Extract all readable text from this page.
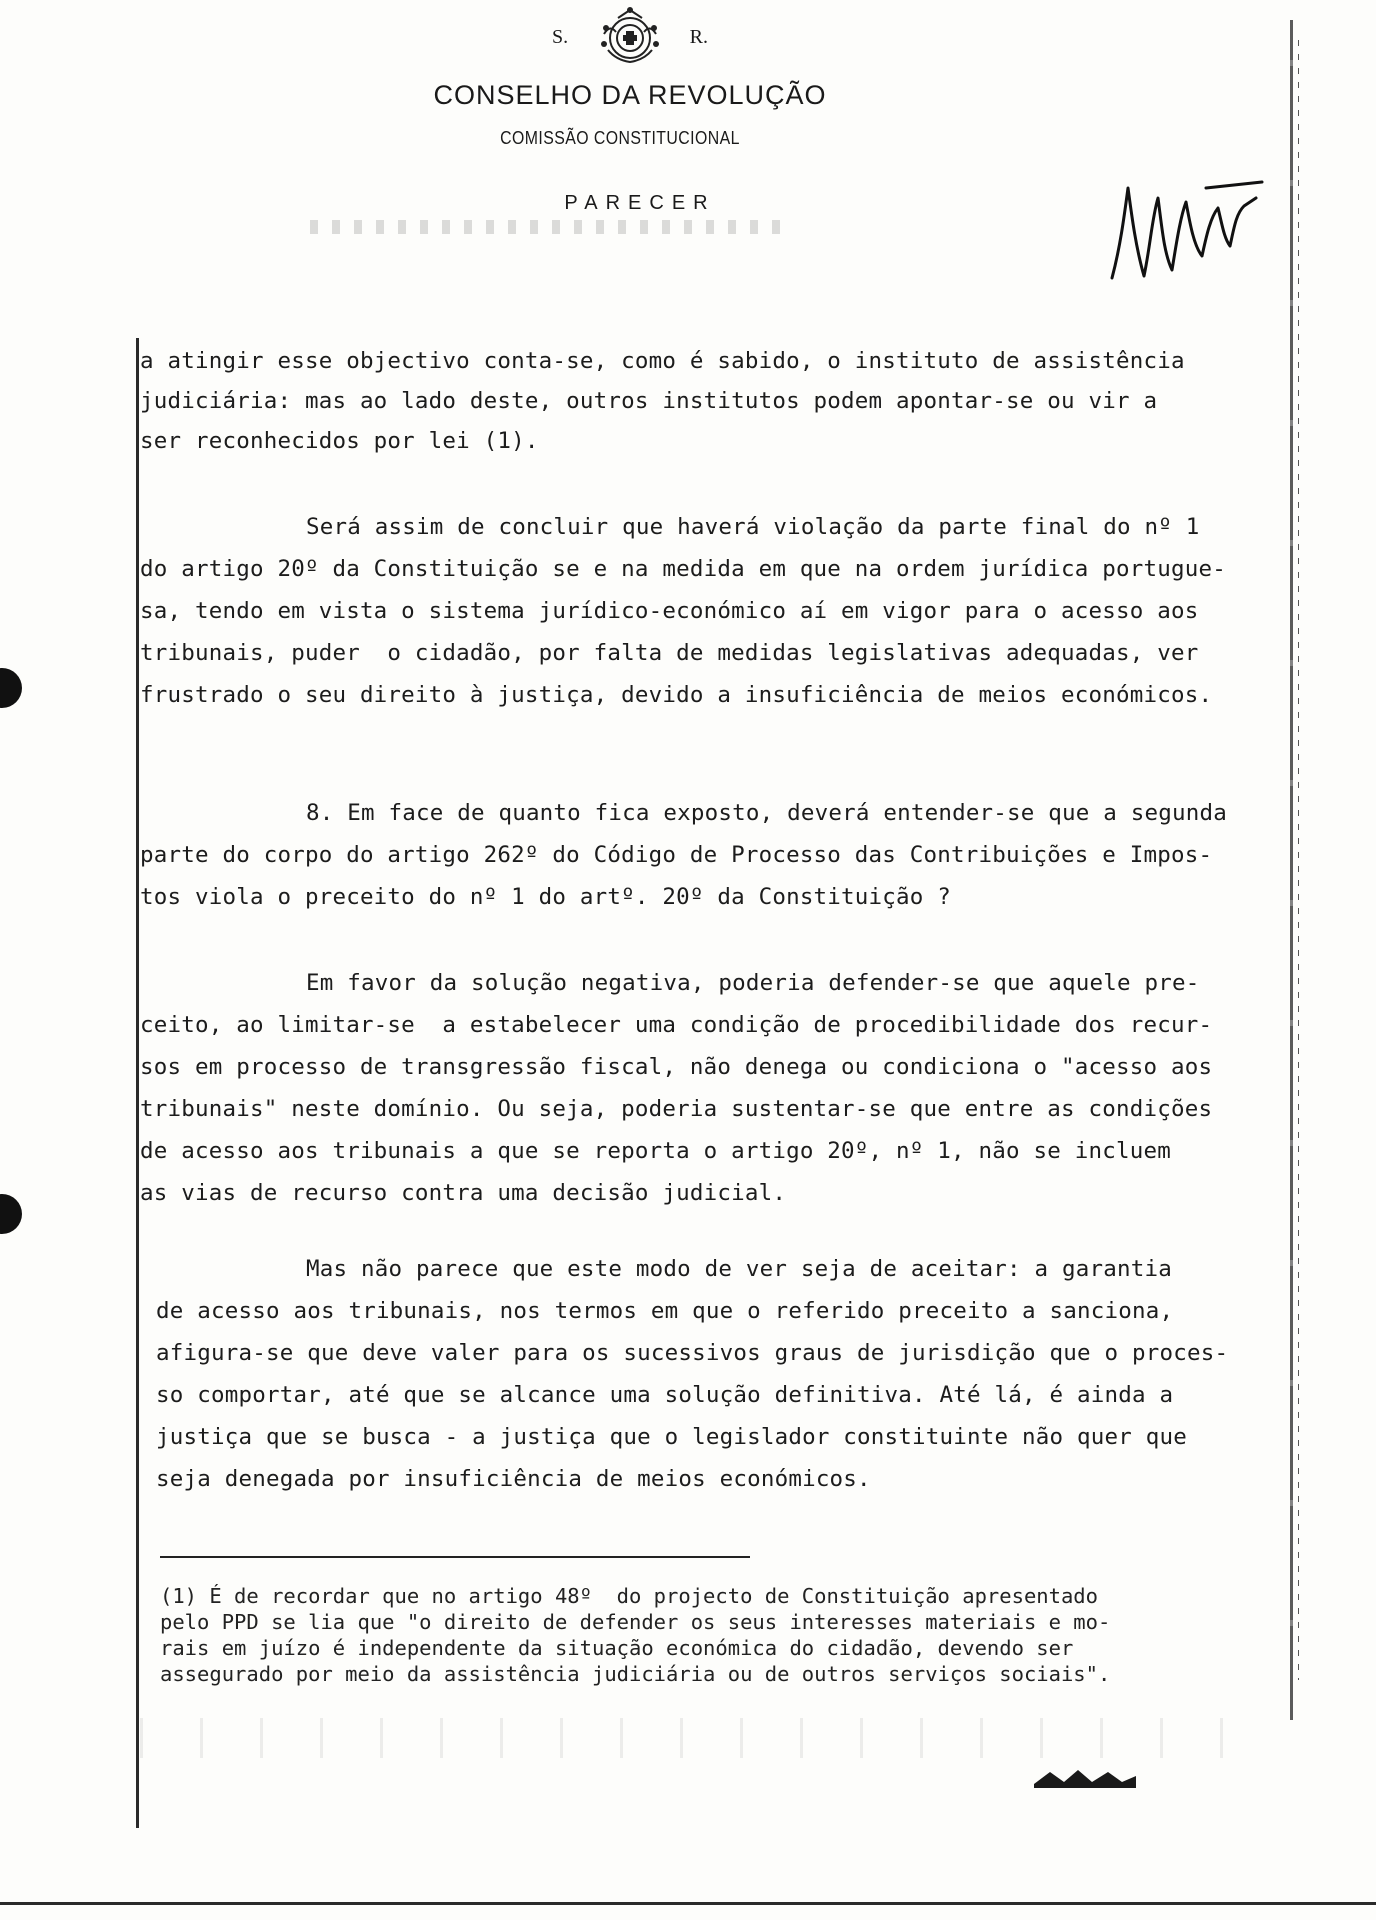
S.	R.
CONSELHO DA REVOLUÇÃO
COMISSÃO CONSTITUCIONAL
PARECER
a atingir esse objectivo conta-se, como é sabido, o instituto de assistência
judiciária: mas ao lado deste, outros institutos podem apontar-se ou vir a
ser reconhecidos por lei (1).
Será assim de concluir que haverá violação da parte final do nº 1
do artigo 20º da Constituição se e na medida em que na ordem jurídica portugue-
sa, tendo em vista o sistema jurídico-económico aí em vigor para o acesso aos
tribunais, puder  o cidadão, por falta de medidas legislativas adequadas, ver
frustrado o seu direito à justiça, devido a insuficiência de meios económicos.
8. Em face de quanto fica exposto, deverá entender-se que a segunda
parte do corpo do artigo 262º do Código de Processo das Contribuições e Impos-
tos viola o preceito do nº 1 do artº. 20º da Constituição ?
Em favor da solução negativa, poderia defender-se que aquele pre-
ceito, ao limitar-se  a estabelecer uma condição de procedibilidade dos recur-
sos em processo de transgressão fiscal, não denega ou condiciona o "acesso aos
tribunais" neste domínio. Ou seja, poderia sustentar-se que entre as condições
de acesso aos tribunais a que se reporta o artigo 20º, nº 1, não se incluem
as vias de recurso contra uma decisão judicial.
Mas não parece que este modo de ver seja de aceitar: a garantia
de acesso aos tribunais, nos termos em que o referido preceito a sanciona,
afigura-se que deve valer para os sucessivos graus de jurisdição que o proces-
so comportar, até que se alcance uma solução definitiva. Até lá, é ainda a
justiça que se busca - a justiça que o legislador constituinte não quer que
seja denegada por insuficiência de meios económicos.
(1) É de recordar que no artigo 48º  do projecto de Constituição apresentado
pelo PPD se lia que "o direito de defender os seus interesses materiais e mo-
rais em juízo é independente da situação económica do cidadão, devendo ser
assegurado por meio da assistência judiciária ou de outros serviços sociais".
